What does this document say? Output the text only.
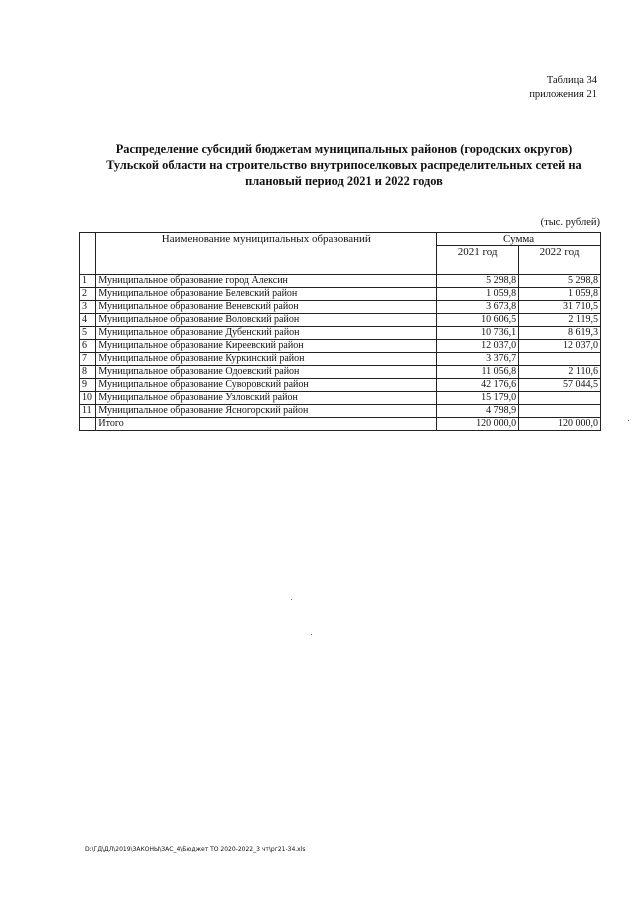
Таблица 34
приложения 21
Распределение субсидий бюджетам муниципальных районов (городских округов)
Тульской области на строительство внутрипоселковых распределительных сетей на
плановый период 2021 и 2022 годов
(тыс. рублей)
	Наименование муниципальных образований	Сумма	
		2021 год	2022 год
1	Муниципальное образование город Алексин	5 298,8	5 298,8
2	Муниципальное образование Белевский район	1 059,8	1 059,8
3	Муниципальное образование Веневский район	3 673,8	31 710,5
4	Муниципальное образование Воловский район	10 606,5	2 119,5
5	Муниципальное образование Дубенский район	10 736,1	8 619,3
6	Муниципальное образование Киреевский район	12 037,0	12 037,0
7	Муниципальное образование Куркинский район	3 376,7	
8	Муниципальное образование Одоевский район	11 056,8	2 110,6
9	Муниципальное образование Суворовский район	42 176,6	57 044,5
10	Муниципальное образование Узловский район	15 179,0	
11	Муниципальное образование Ясногорский район	4 798,9	
	Итого	120 000,0	120 000,0
D:\ГД\ДЛ\2019\ЗАКОНЫ\ЗАС_4\Бюджет ТО 2020-2022_3 чт\рг21-34.xls
